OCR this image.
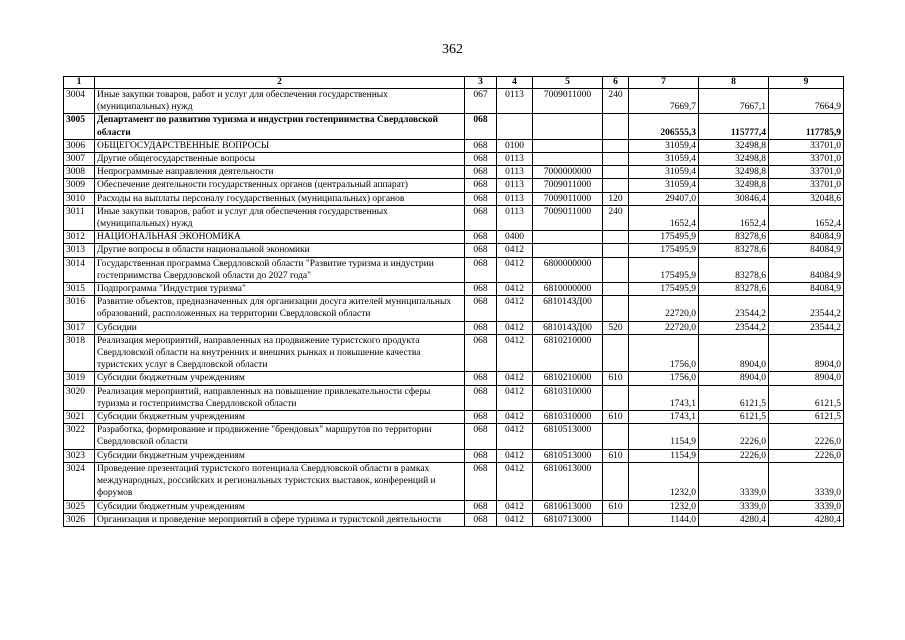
362
1	2	3	4	5	6	7	8	9
3004	Иные закупки товаров, работ и услуг для обеспечения государственных (муниципальных) нужд	067	0113	7009011000	240	7669,7	7667,1	7664,9
3005	Департамент по развитию туризма и индустрии гостеприимства Свердловской области	068				206555,3	115777,4	117785,9
3006	ОБЩЕГОСУДАРСТВЕННЫЕ ВОПРОСЫ	068	0100			31059,4	32498,8	33701,0
3007	Другие общегосударственные вопросы	068	0113			31059,4	32498,8	33701,0
3008	Непрограммные направления деятельности	068	0113	7000000000		31059,4	32498,8	33701,0
3009	Обеспечение деятельности государственных органов (центральный аппарат)	068	0113	7009011000		31059,4	32498,8	33701,0
3010	Расходы на выплаты персоналу государственных (муниципальных) органов	068	0113	7009011000	120	29407,0	30846,4	32048,6
3011	Иные закупки товаров, работ и услуг для обеспечения государственных (муниципальных) нужд	068	0113	7009011000	240	1652,4	1652,4	1652,4
3012	НАЦИОНАЛЬНАЯ ЭКОНОМИКА	068	0400			175495,9	83278,6	84084,9
3013	Другие вопросы в области национальной экономики	068	0412			175495,9	83278,6	84084,9
3014	Государственная программа Свердловской области "Развитие туризма и индустрии гостеприимства Свердловской области до 2027 года"	068	0412	6800000000		175495,9	83278,6	84084,9
3015	Подпрограмма "Индустрия туризма"	068	0412	6810000000		175495,9	83278,6	84084,9
3016	Развитие объектов, предназначенных для организации досуга жителей муниципальных образований, расположенных на территории Свердловской области	068	0412	681014ЗД00		22720,0	23544,2	23544,2
3017	Субсидии	068	0412	681014ЗД00	520	22720,0	23544,2	23544,2
3018	Реализация мероприятий, направленных на продвижение туристского продукта Свердловской области на внутренних и внешних рынках и повышение качества туристских услуг в Свердловской области	068	0412	6810210000		1756,0	8904,0	8904,0
3019	Субсидии бюджетным учреждениям	068	0412	6810210000	610	1756,0	8904,0	8904,0
3020	Реализация мероприятий, направленных на повышение привлекательности сферы туризма и гостеприимства Свердловской области	068	0412	6810310000		1743,1	6121,5	6121,5
3021	Субсидии бюджетным учреждениям	068	0412	6810310000	610	1743,1	6121,5	6121,5
3022	Разработка, формирование и продвижение "брендовых" маршрутов по территории Свердловской области	068	0412	6810513000		1154,9	2226,0	2226,0
3023	Субсидии бюджетным учреждениям	068	0412	6810513000	610	1154,9	2226,0	2226,0
3024	Проведение презентаций туристского потенциала Свердловской области в рамках международных, российских и региональных туристских выставок, конференций и форумов	068	0412	6810613000		1232,0	3339,0	3339,0
3025	Субсидии бюджетным учреждениям	068	0412	6810613000	610	1232,0	3339,0	3339,0
3026	Организация и проведение мероприятий в сфере туризма и туристской деятельности	068	0412	6810713000		1144,0	4280,4	4280,4
